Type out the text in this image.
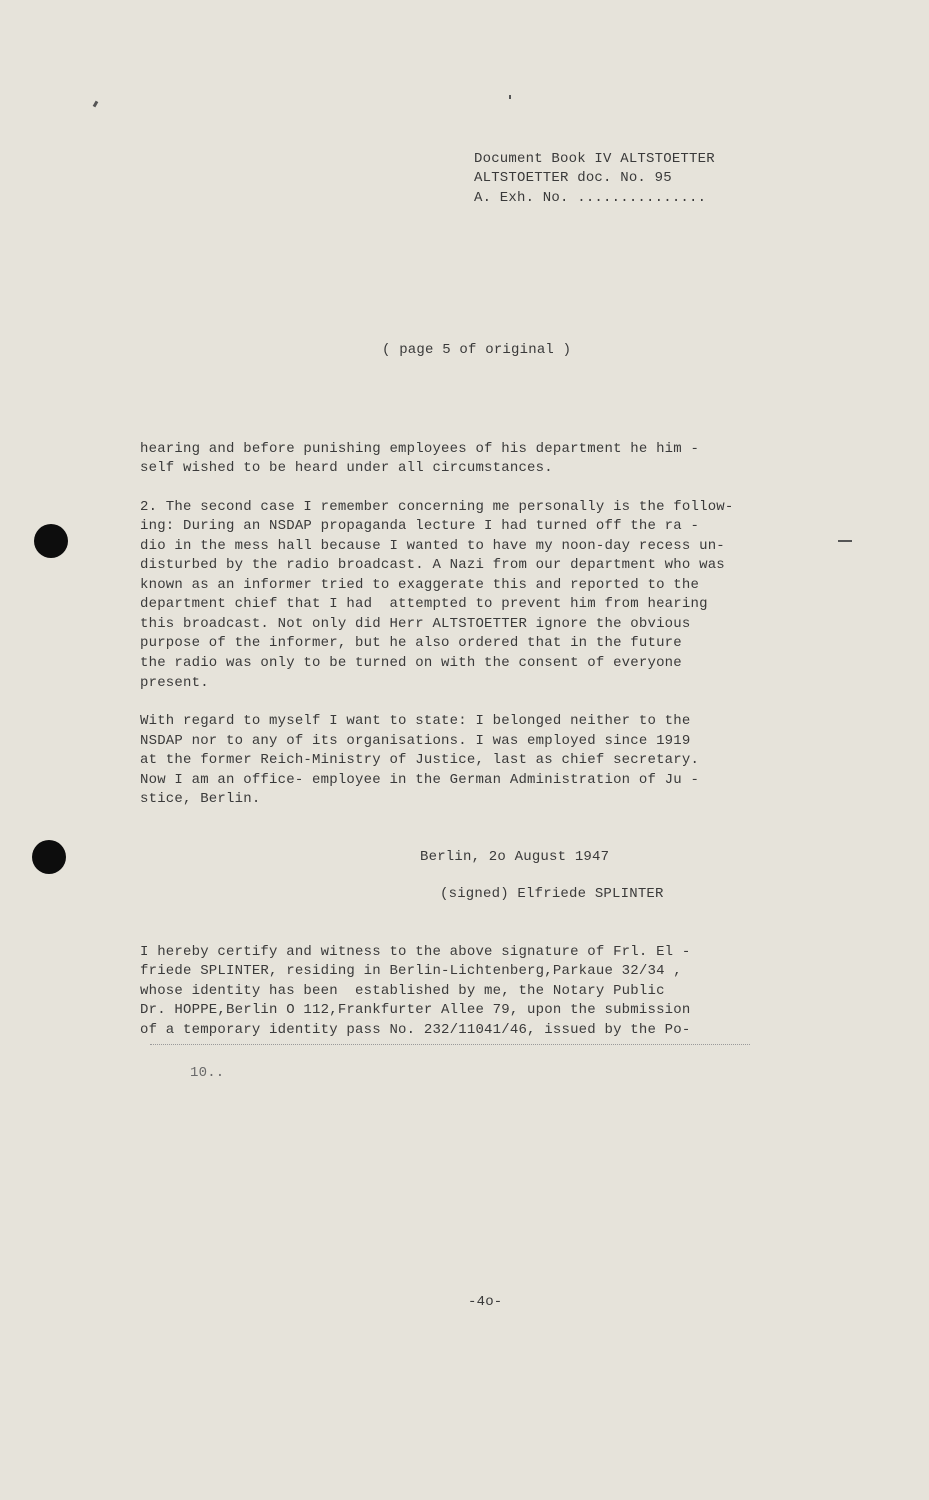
Document Book IV ALTSTOETTER
ALTSTOETTER doc. No. 95
A. Exh. No. ...............
( page 5 of original )
hearing and before punishing employees of his department he him -
self wished to be heard under all circumstances.
2. The second case I remember concerning me personally is the follow-
ing: During an NSDAP propaganda lecture I had turned off the ra -
dio in the mess hall because I wanted to have my noon-day recess un-
disturbed by the radio broadcast. A Nazi from our department who was
known as an informer tried to exaggerate this and reported to the
department chief that I had  attempted to prevent him from hearing
this broadcast. Not only did Herr ALTSTOETTER ignore the obvious
purpose of the informer, but he also ordered that in the future
the radio was only to be turned on with the consent of everyone
present.
With regard to myself I want to state: I belonged neither to the
NSDAP nor to any of its organisations. I was employed since 1919
at the former Reich-Ministry of Justice, last as chief secretary.
Now I am an office- employee in the German Administration of Ju -
stice, Berlin.
Berlin, 2o August 1947
(signed) Elfriede SPLINTER
I hereby certify and witness to the above signature of Frl. El -
friede SPLINTER, residing in Berlin-Lichtenberg,Parkaue 32/34 ,
whose identity has been  established by me, the Notary Public
Dr. HOPPE,Berlin O 112,Frankfurter Allee 79, upon the submission
of a temporary identity pass No. 232/11041/46, issued by the Po-
10..
-4o-
